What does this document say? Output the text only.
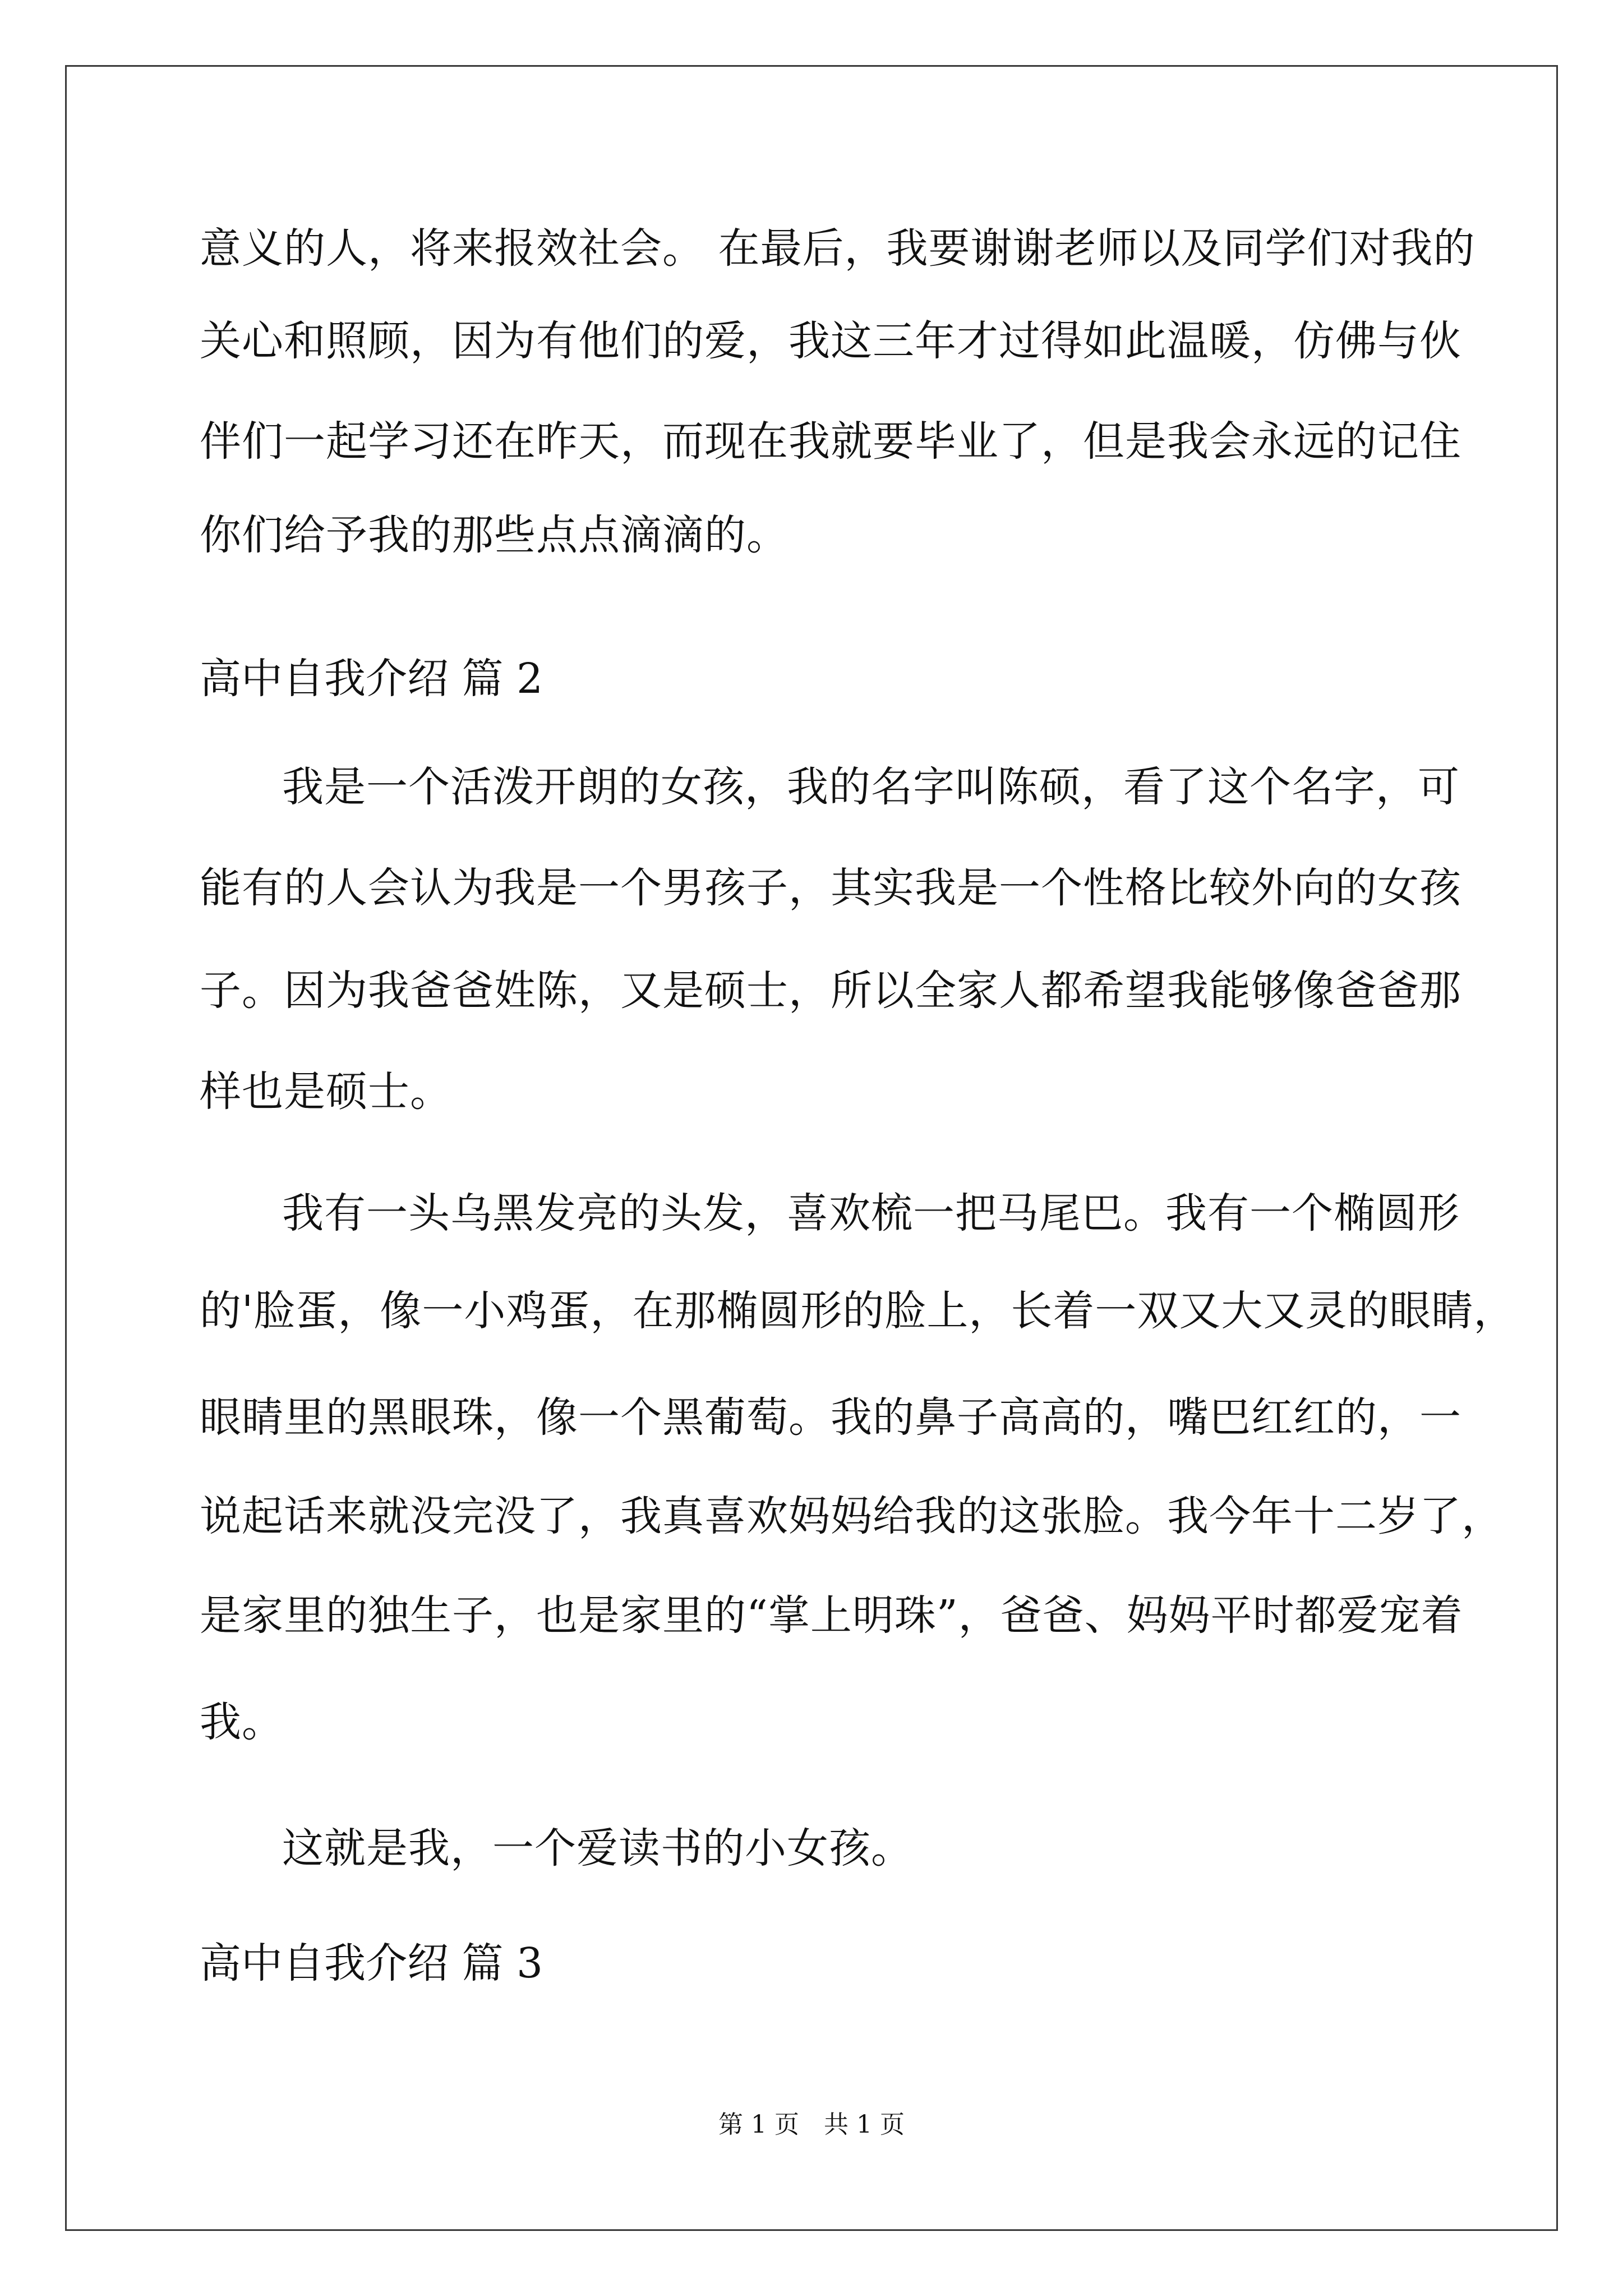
意义的人，将来报效社会。 在最后，我要谢谢老师以及同学们对我的
关心和照顾，因为有他们的爱，我这三年才过得如此温暖，仿佛与伙
伴们一起学习还在昨天，而现在我就要毕业了，但是我会永远的记住
你们给予我的那些点点滴滴的。
高中自我介绍 篇 2
我是一个活泼开朗的女孩，我的名字叫陈硕，看了这个名字，可
能有的人会认为我是一个男孩子，其实我是一个性格比较外向的女孩
子。因为我爸爸姓陈，又是硕士，所以全家人都希望我能够像爸爸那
样也是硕士。
我有一头乌黑发亮的头发，喜欢梳一把马尾巴。我有一个椭圆形
的'脸蛋，像一小鸡蛋，在那椭圆形的脸上，长着一双又大又灵的眼睛，
眼睛里的黑眼珠，像一个黑葡萄。我的鼻子高高的，嘴巴红红的，一
说起话来就没完没了，我真喜欢妈妈给我的这张脸。我今年十二岁了，
是家里的独生子，也是家里的“掌上明珠”，爸爸、妈妈平时都爱宠着
我。
这就是我，一个爱读书的小女孩。
高中自我介绍 篇 3
第 1 页　共 1 页
